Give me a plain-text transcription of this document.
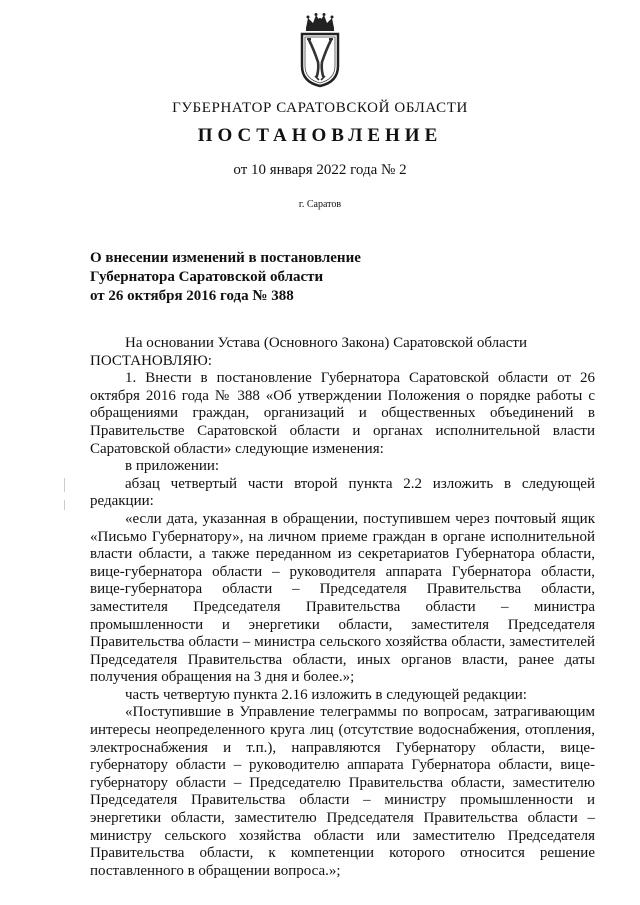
ГУБЕРНАТОР САРАТОВСКОЙ ОБЛАСТИ
ПОСТАНОВЛЕНИЕ
от 10 января 2022 года № 2
г. Саратов
О внесении изменений в постановление
Губернатора Саратовской области
от 26 октября 2016 года № 388

На основании Устава (Основного Закона) Саратовской области

ПОСТАНОВЛЯЮ:

1. Внести в постановление Губернатора Саратовской области от 26 октября 2016 года № 388 «Об утверждении Положения о порядке работы с обращениями граждан, организаций и общественных объединений в Правительстве Саратовской области и органах исполнительной власти Саратовской области» следующие изменения:

в приложении:

абзац четвертый части второй пункта 2.2 изложить в следующей редакции:

«если дата, указанная в обращении, поступившем через почтовый ящик «Письмо Губернатору», на личном приеме граждан в органе исполнительной власти области, а также переданном из секретариатов Губернатора области, вице-губернатора области – руководителя аппарата Губернатора области, вице-губернатора области – Председателя Правительства области, заместителя Председателя Правительства области – министра промышленности и энергетики области, заместителя Председателя Правительства области – министра сельского хозяйства области, заместителей Председателя Правительства области, иных органов власти, ранее даты получения обращения на 3 дня и более.»;

часть четвертую пункта 2.16 изложить в следующей редакции:

«Поступившие в Управление телеграммы по вопросам, затрагивающим интересы неопределенного круга лиц (отсутствие водоснабжения, отопления, электроснабжения и т.п.), направляются Губернатору области, вице-губернатору области – руководителю аппарата Губернатора области, вице-губернатору области – Председателю Правительства области, заместителю Председателя Правительства области – министру промышленности и энергетики области, заместителю Председателя Правительства области – министру сельского хозяйства области или заместителю Председателя Правительства области, к компетенции которого относится решение поставленного в обращении вопроса.»;
